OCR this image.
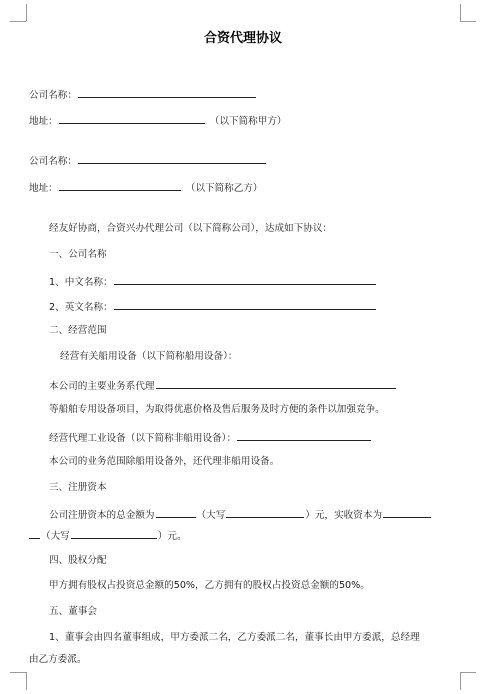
合资代理协议
公司名称：
地址：	（以下简称甲方）
公司名称：
地址：	（以下简称乙方）
经友好协商，合资兴办代理公司（以下简称公司），达成如下协议：
一、公司名称
1、中文名称：
2、英文名称：
二、经营范围
经营有关船用设备（以下简称船用设备）：
本公司的主要业务系代理
等船舶专用设备项目，为取得优惠价格及售后服务及时方便的条件以加强竞争。
经营代理工业设备（以下简称非船用设备）：
本公司的业务范围除船用设备外，还代理非船用设备。
三、注册资本
公司注册资本的总金额为	（大写	）元，实收资本为
（大写	）元。
四、股权分配
甲方拥有股权占投资总金额的50%，乙方拥有的股权占投资总金额的50%。
五、董事会
1、董事会由四名董事组成，甲方委派二名，乙方委派二名，董事长由甲方委派，总经理
由乙方委派。
